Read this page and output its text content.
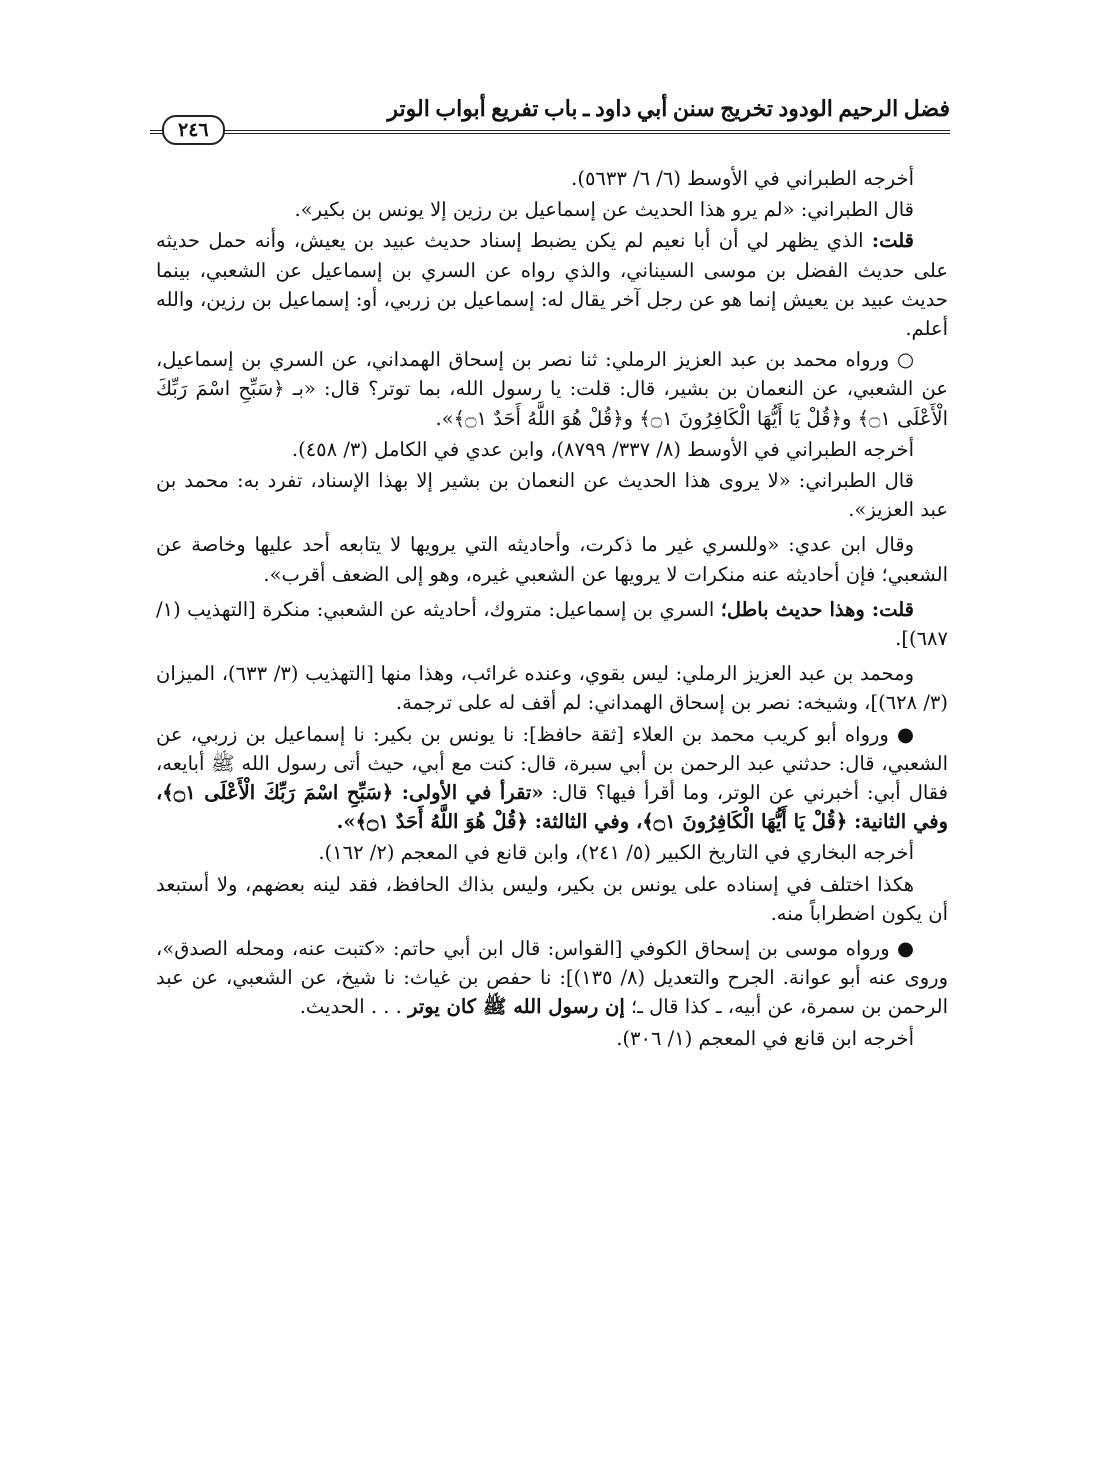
فضل الرحيم الودود تخريج سنن أبي داود ـ باب تفريع أبواب الوتر
٢٤٦

أخرجه الطبراني في الأوسط (٦/ ٦/ ٥٦٣٣).

قال الطبراني: «لم يرو هذا الحديث عن إسماعيل بن رزين إلا يونس بن بكير».

قلت: الذي يظهر لي أن أبا نعيم لم يكن يضبط إسناد حديث عبيد بن يعيش، وأنه حمل حديثه على حديث الفضل بن موسى السيناني، والذي رواه عن السري بن إسماعيل عن الشعبي، بينما حديث عبيد بن يعيش إنما هو عن رجل آخر يقال له: إسماعيل بن زربي، أو: إسماعيل بن رزين، والله أعلم.

○ ورواه محمد بن عبد العزيز الرملي: ثنا نصر بن إسحاق الهمداني، عن السري بن إسماعيل، عن الشعبي، عن النعمان بن بشير، قال: قلت: يا رسول الله، بما توتر؟ قال: «بـ ﴿سَبِّحِ اسْمَ رَبِّكَ الْأَعْلَى ۝١﴾ و﴿قُلْ يَا أَيُّهَا الْكَافِرُونَ ۝١﴾ و﴿قُلْ هُوَ اللَّهُ أَحَدٌ ۝١﴾».

أخرجه الطبراني في الأوسط (٨/ ٣٣٧/ ٨٧٩٩)، وابن عدي في الكامل (٣/ ٤٥٨).

قال الطبراني: «لا يروى هذا الحديث عن النعمان بن بشير إلا بهذا الإسناد، تفرد به: محمد بن عبد العزيز».

وقال ابن عدي: «وللسري غير ما ذكرت، وأحاديثه التي يرويها لا يتابعه أحد عليها وخاصة عن الشعبي؛ فإن أحاديثه عنه منكرات لا يرويها عن الشعبي غيره، وهو إلى الضعف أقرب».

قلت: وهذا حديث باطل؛ السري بن إسماعيل: متروك، أحاديثه عن الشعبي: منكرة [التهذيب (١/ ٦٨٧)].

ومحمد بن عبد العزيز الرملي: ليس بقوي، وعنده غرائب، وهذا منها [التهذيب (٣/ ٦٣٣)، الميزان (٣/ ٦٢٨)]، وشيخه: نصر بن إسحاق الهمداني: لم أقف له على ترجمة.

● ورواه أبو كريب محمد بن العلاء [ثقة حافظ]: نا يونس بن بكير: نا إسماعيل بن زربي، عن الشعبي، قال: حدثني عبد الرحمن بن أبي سبرة، قال: كنت مع أبي، حيث أتى رسول الله ﷺ أبايعه، فقال أبي: أخبرني عن الوتر، وما أقرأ فيها؟ قال: «تقرأ في الأولى: ﴿سَبِّحِ اسْمَ رَبِّكَ الْأَعْلَى ۝١﴾، وفي الثانية: ﴿قُلْ يَا أَيُّهَا الْكَافِرُونَ ۝١﴾، وفي الثالثة: ﴿قُلْ هُوَ اللَّهُ أَحَدٌ ۝١﴾».

أخرجه البخاري في التاريخ الكبير (٥/ ٢٤١)، وابن قانع في المعجم (٢/ ١٦٢).

هكذا اختلف في إسناده على يونس بن بكير، وليس بذاك الحافظ، فقد لينه بعضهم، ولا أستبعد أن يكون اضطراباً منه.

● ورواه موسى بن إسحاق الكوفي [القواس: قال ابن أبي حاتم: «كتبت عنه، ومحله الصدق»، وروى عنه أبو عوانة. الجرح والتعديل (٨/ ١٣٥)]: نا حفص بن غياث: نا شيخ، عن الشعبي، عن عبد الرحمن بن سمرة، عن أبيه، ـ كذا قال ـ؛ إن رسول الله ﷺ كان يوتر . . . الحديث.

أخرجه ابن قانع في المعجم (١/ ٣٠٦).
